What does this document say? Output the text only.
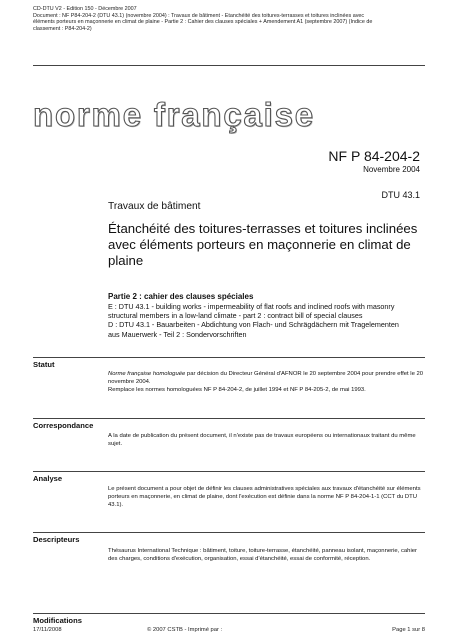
CD-DTU V2 - Edition 150 - Décembre 2007
Document : NF P84-204-2 (DTU 43.1) (novembre 2004) : Travaux de bâtiment - Etanchéité des toitures-terrasses et toitures inclinées avec
éléments porteurs en maçonnerie en climat de plaine - Partie 2 : Cahier des clauses spéciales + Amendement A1 (septembre 2007) (Indice de
classement : P84-204-2)
norme française
NF P 84-204-2
Novembre 2004
DTU 43.1
Travaux de bâtiment
Étanchéité des toitures-terrasses et toitures inclinées avec éléments porteurs en maçonnerie en climat de plaine
Partie 2 : cahier des clauses spéciales
E : DTU 43.1 - building works - impermeability of flat roofs and inclined roofs with masonry
structural members in a low-land climate - part 2 : contract bill of special clauses
D : DTU 43.1 - Bauarbeiten - Abdichtung von Flach- und Schrägdächern mit Tragelementen
aus Mauerwerk - Teil 2 : Sondervorschriften
Statut
Norme française homologuée par décision du Directeur Général d'AFNOR le 20 septembre 2004 pour prendre effet le 20 novembre 2004.
Remplace les normes homologuées NF P 84-204-2, de juillet 1994 et NF P 84-205-2, de mai 1993.
Correspondance
A la date de publication du présent document, il n'existe pas de travaux européens ou internationaux traitant du même sujet.
Analyse
Le présent document a pour objet de définir les clauses administratives spéciales aux travaux d'étanchéité sur éléments porteurs en maçonnerie, en climat de plaine, dont l'exécution est définie dans la norme NF P 84-204-1-1 (CCT du DTU 43.1).
Descripteurs
Thésaurus International Technique : bâtiment, toiture, toiture-terrasse, étanchéité, panneau isolant, maçonnerie, cahier des charges, conditions d'exécution, organisation, essai d'étanchéité, essai de conformité, réception.
Modifications
17/11/2008	© 2007 CSTB - Imprimé par :	Page 1 sur 8
